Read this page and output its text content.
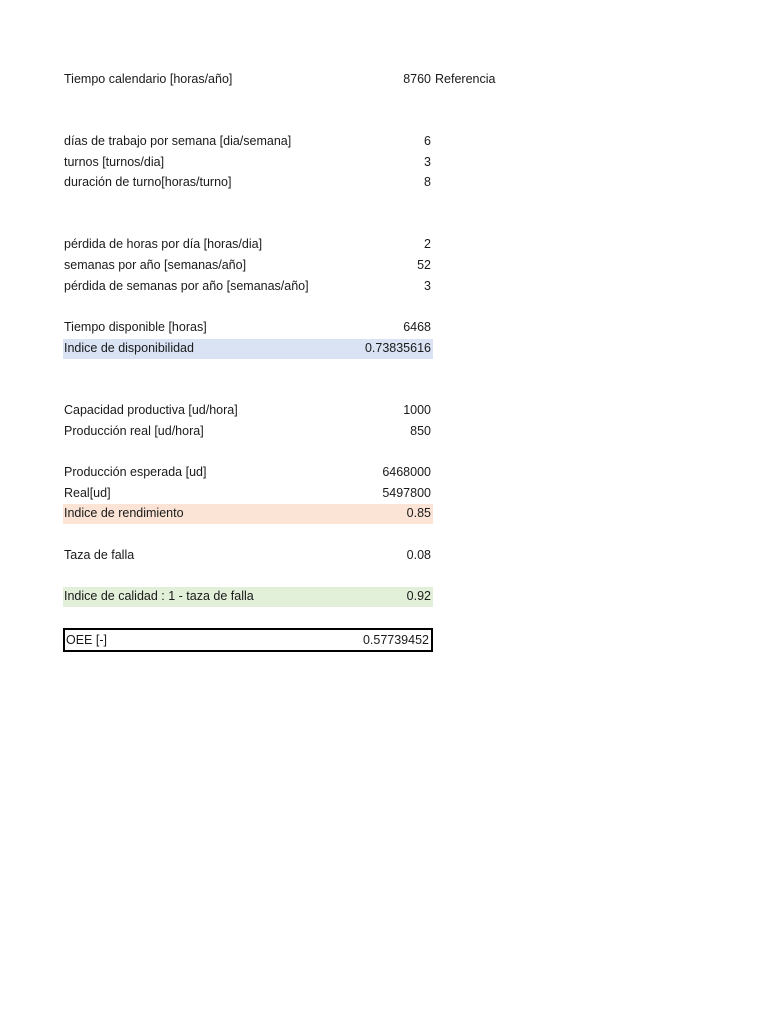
Tiempo calendario [horas/año]	8760 Referencia
días de trabajo por semana [dia/semana]	6
turnos [turnos/dia]	3
duración de turno[horas/turno]	8
pérdida de horas por día [horas/dia]	2
semanas por año [semanas/año]	52
pérdida de semanas por año [semanas/año]	3
Tiempo disponible [horas]	6468
Indice de disponibilidad	0.73835616
Capacidad productiva [ud/hora]	1000
Producción real [ud/hora]	850
Producción esperada [ud]	6468000
Real[ud]	5497800
Indice de rendimiento	0.85
Taza de falla	0.08
Indice de calidad : 1 - taza de falla	0.92
OEE [-]	0.57739452
